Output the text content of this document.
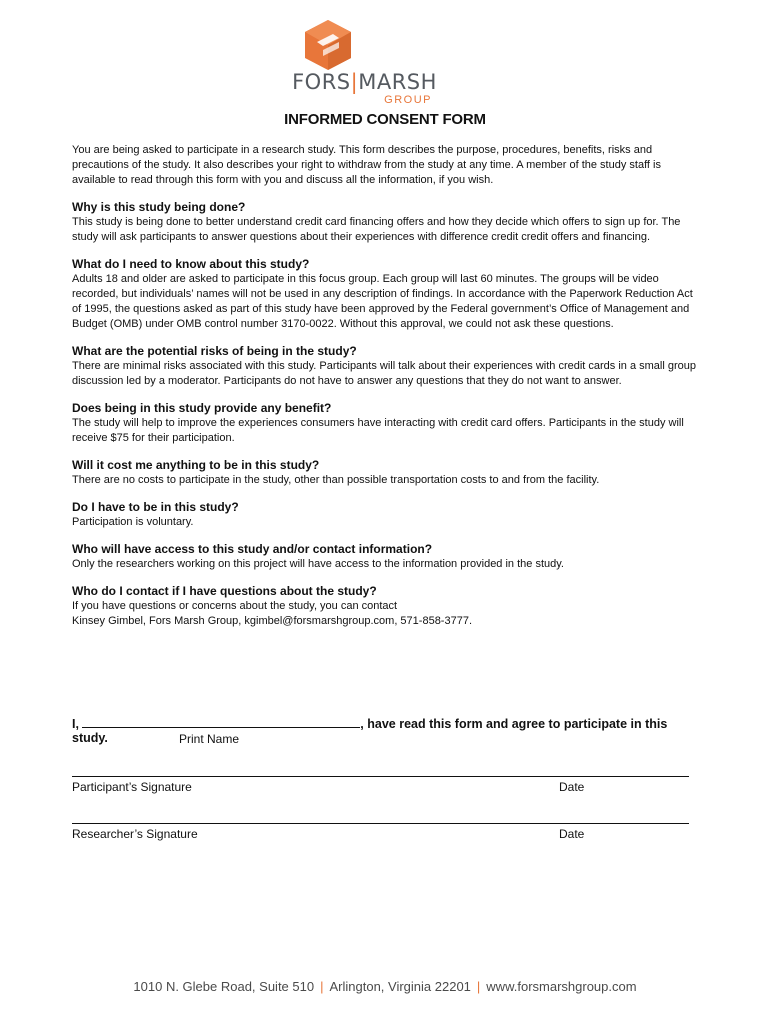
FORS|MARSH
GROUP
INFORMED CONSENT FORM

You are being asked to participate in a research study. This form describes the purpose, procedures, benefits, risks and precautions of the study. It also describes your right to withdraw from the study at any time. A member of the study staff is available to read through this form with you and discuss all the information, if you wish.

Why is this study being done?

This study is being done to better understand credit card financing offers and how they decide which offers to sign up for. The study will ask participants to answer questions about their experiences with difference credit credit offers and financing.

What do I need to know about this study?

Adults 18 and older are asked to participate in this focus group. Each group will last 60 minutes. The groups will be video recorded, but individuals’ names will not be used in any description of findings. In accordance with the Paperwork Reduction Act of 1995, the questions asked as part of this study have been approved by the Federal government’s Office of Management and Budget (OMB) under OMB control number 3170-0022. Without this approval, we could not ask these questions.

What are the potential risks of being in the study?

There are minimal risks associated with this study. Participants will talk about their experiences with credit cards in a small group discussion led by a moderator. Participants do not have to answer any questions that they do not want to answer.

Does being in this study provide any benefit?

The study will help to improve the experiences consumers have interacting with credit card offers. Participants in the study will receive $75 for their participation.

Will it cost me anything to be in this study?

There are no costs to participate in the study, other than possible transportation costs to and from the facility.

Do I have to be in this study?

Participation is voluntary.

Who will have access to this study and/or contact information?

Only the researchers working on this project will have access to the information provided in the study.

Who do I contact if I have questions about the study?

If you have questions or concerns about the study, you can contact

Kinsey Gimbel, Fors Marsh Group, kgimbel@forsmarshgroup.com, 571-858-3777.

I,	, have read this form and agree to participate in this study.	Print Name
Participant’s Signature	Date
Researcher’s Signature	Date
1010 N. Glebe Road, Suite 510 | Arlington, Virginia 22201 | www.forsmarshgroup.com
